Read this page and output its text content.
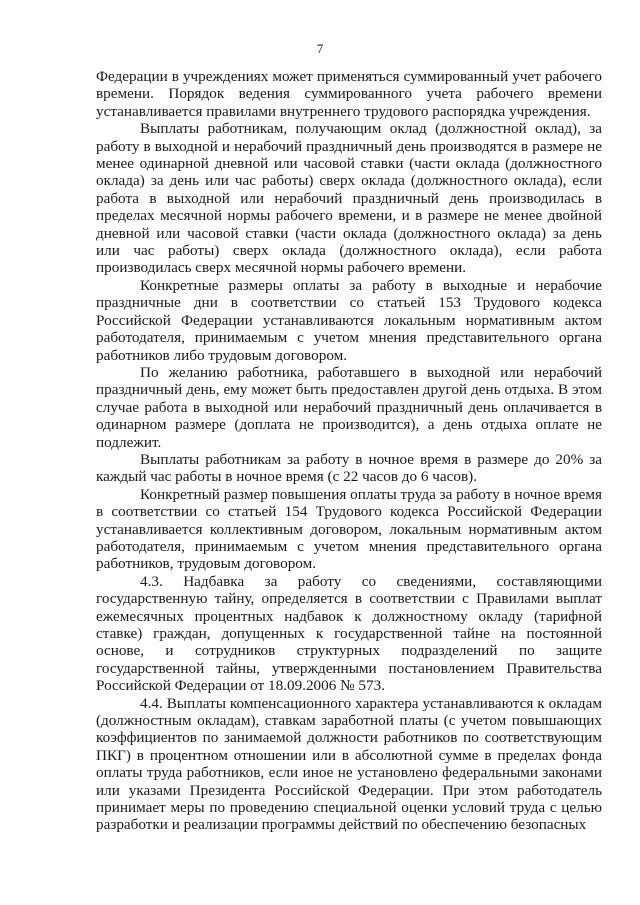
7

Федерации в учреждениях может применяться суммированный учет рабочего времени. Порядок ведения суммированного учета рабочего времени устанавливается правилами внутреннего трудового распорядка учреждения.

Выплаты работникам, получающим оклад (должностной оклад), за работу в выходной и нерабочий праздничный день производятся в размере не менее одинарной дневной или часовой ставки (части оклада (должностного оклада) за день или час работы) сверх оклада (должностного оклада), если работа в выходной или нерабочий праздничный день производилась в пределах месячной нормы рабочего времени, и в размере не менее двойной дневной или часовой ставки (части оклада (должностного оклада) за день или час работы) сверх оклада (должностного оклада), если работа производилась сверх месячной нормы рабочего времени.

Конкретные размеры оплаты за работу в выходные и нерабочие праздничные дни в соответствии со статьей 153 Трудового кодекса Российской Федерации устанавливаются локальным нормативным актом работодателя, принимаемым с учетом мнения представительного органа работников либо трудовым договором.

По желанию работника, работавшего в выходной или нерабочий праздничный день, ему может быть предоставлен другой день отдыха. В этом случае работа в выходной или нерабочий праздничный день оплачивается в одинарном размере (доплата не производится), а день отдыха оплате не подлежит.

Выплаты работникам за работу в ночное время в размере до 20% за каждый час работы в ночное время (с 22 часов до 6 часов).

Конкретный размер повышения оплаты труда за работу в ночное время в соответствии со статьей 154 Трудового кодекса Российской Федерации устанавливается коллективным договором, локальным нормативным актом работодателя, принимаемым с учетом мнения представительного органа работников, трудовым договором.

4.3. Надбавка за работу со сведениями, составляющими государственную тайну, определяется в соответствии с Правилами выплат ежемесячных процентных надбавок к должностному окладу (тарифной ставке) граждан, допущенных к государственной тайне на постоянной основе, и сотрудников структурных подразделений по защите государственной тайны, утвержденными постановлением Правительства Российской Федерации от 18.09.2006 № 573.

4.4. Выплаты компенсационного характера устанавливаются к окладам (должностным окладам), ставкам заработной платы (с учетом повышающих коэффициентов по занимаемой должности работников по соответствующим ПКГ) в процентном отношении или в абсолютной сумме в пределах фонда оплаты труда работников, если иное не установлено федеральными законами или указами Президента Российской Федерации. При этом работодатель принимает меры по проведению специальной оценки условий труда с целью разработки и реализации программы действий по обеспечению безопасных
